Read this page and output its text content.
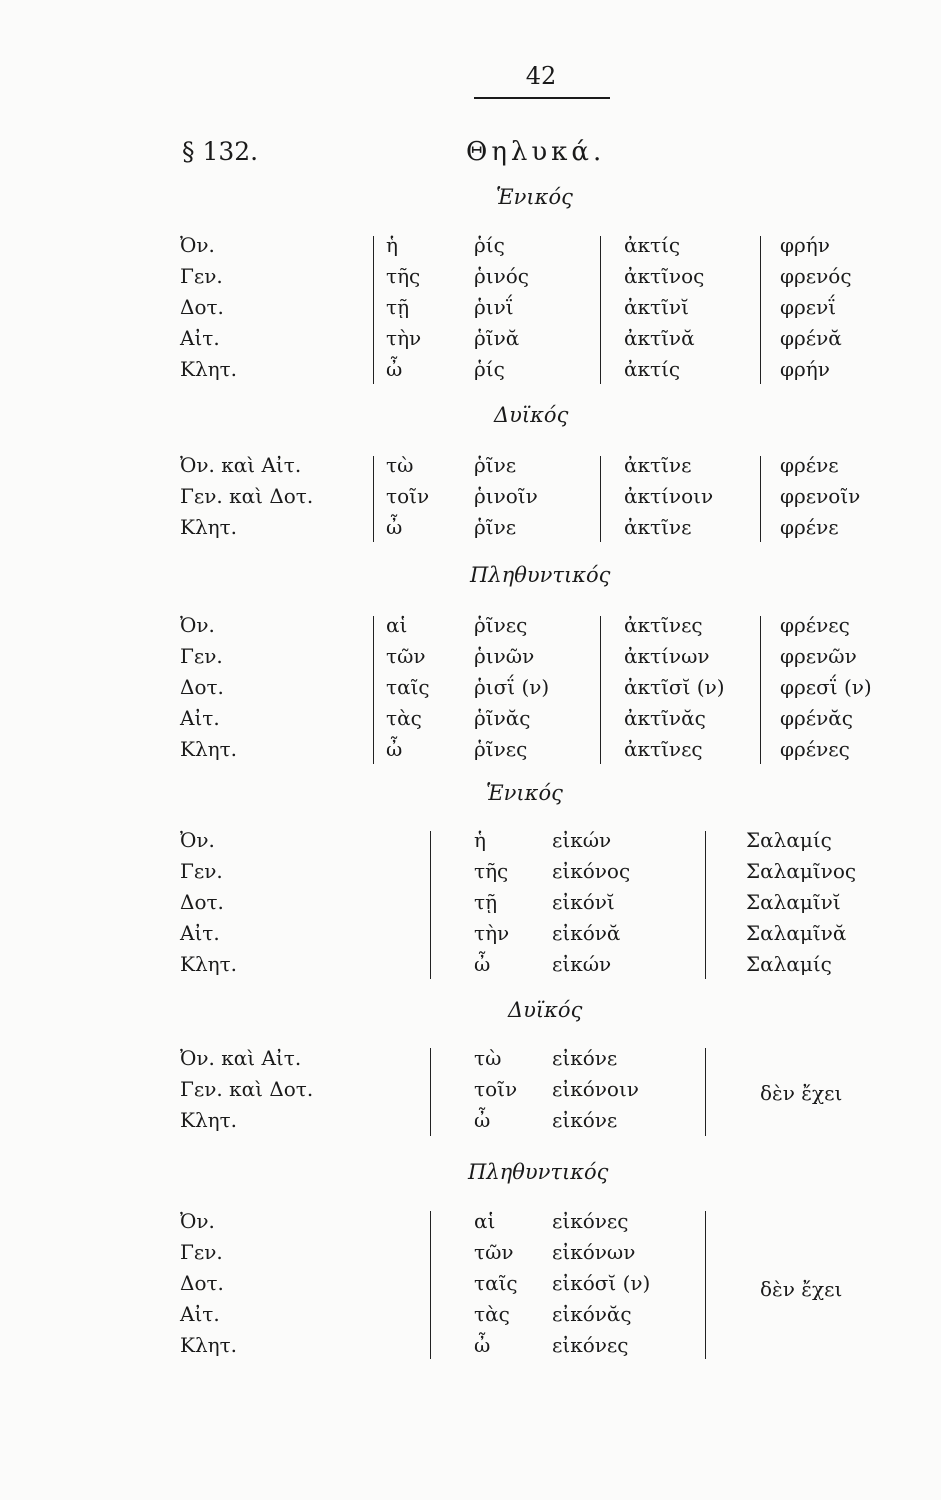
42
§ 132.	Θηλυκά.
Ἑνικός
Ὀν.
Γεν.
Δοτ.
Αἰτ.
Κλητ.
ἡ
τῆς
τῇ
τὴν
ὦ
ῥίς
ῥινός
ῥινΐ
ῥῖνᾰ
ῥίς
ἀκτίς
ἀκτῖνος
ἀκτῖνῐ
ἀκτῖνᾰ
ἀκτίς
φρήν
φρενός
φρενΐ
φρένᾰ
φρήν
Δυϊκός
Ὀν. καὶ Αἰτ.
Γεν. καὶ Δοτ.
Κλητ.
τὼ
τοῖν
ὦ
ῥῖνε
ῥινοῖν
ῥῖνε
ἀκτῖνε
ἀκτίνοιν
ἀκτῖνε
φρένε
φρενοῖν
φρένε
Πληθυντικός
Ὀν.
Γεν.
Δοτ.
Αἰτ.
Κλητ.
αἱ
τῶν
ταῖς
τὰς
ὦ
ῥῖνες
ῥινῶν
ῥισΐ (ν)
ῥῖνᾰς
ῥῖνες
ἀκτῖνες
ἀκτίνων
ἀκτῖσῐ (ν)
ἀκτῖνᾰς
ἀκτῖνες
φρένες
φρενῶν
φρεσΐ (ν)
φρένᾰς
φρένες
Ἑνικός
Ὀν.
Γεν.
Δοτ.
Αἰτ.
Κλητ.
ἡ
τῆς
τῇ
τὴν
ὦ
εἰκών
εἰκόνος
εἰκόνῐ
εἰκόνᾰ
εἰκών
Σαλαμίς
Σαλαμῖνος
Σαλαμῖνῐ
Σαλαμῖνᾰ
Σαλαμίς
Δυϊκός
Ὀν. καὶ Αἰτ.
Γεν. καὶ Δοτ.
Κλητ.
τὼ
τοῖν
ὦ
εἰκόνε
εἰκόνοιν
εἰκόνε
δὲν ἔχει
Πληθυντικός
Ὀν.
Γεν.
Δοτ.
Αἰτ.
Κλητ.
αἱ
τῶν
ταῖς
τὰς
ὦ
εἰκόνες
εἰκόνων
εἰκόσῐ (ν)
εἰκόνᾰς
εἰκόνες
δὲν ἔχει
